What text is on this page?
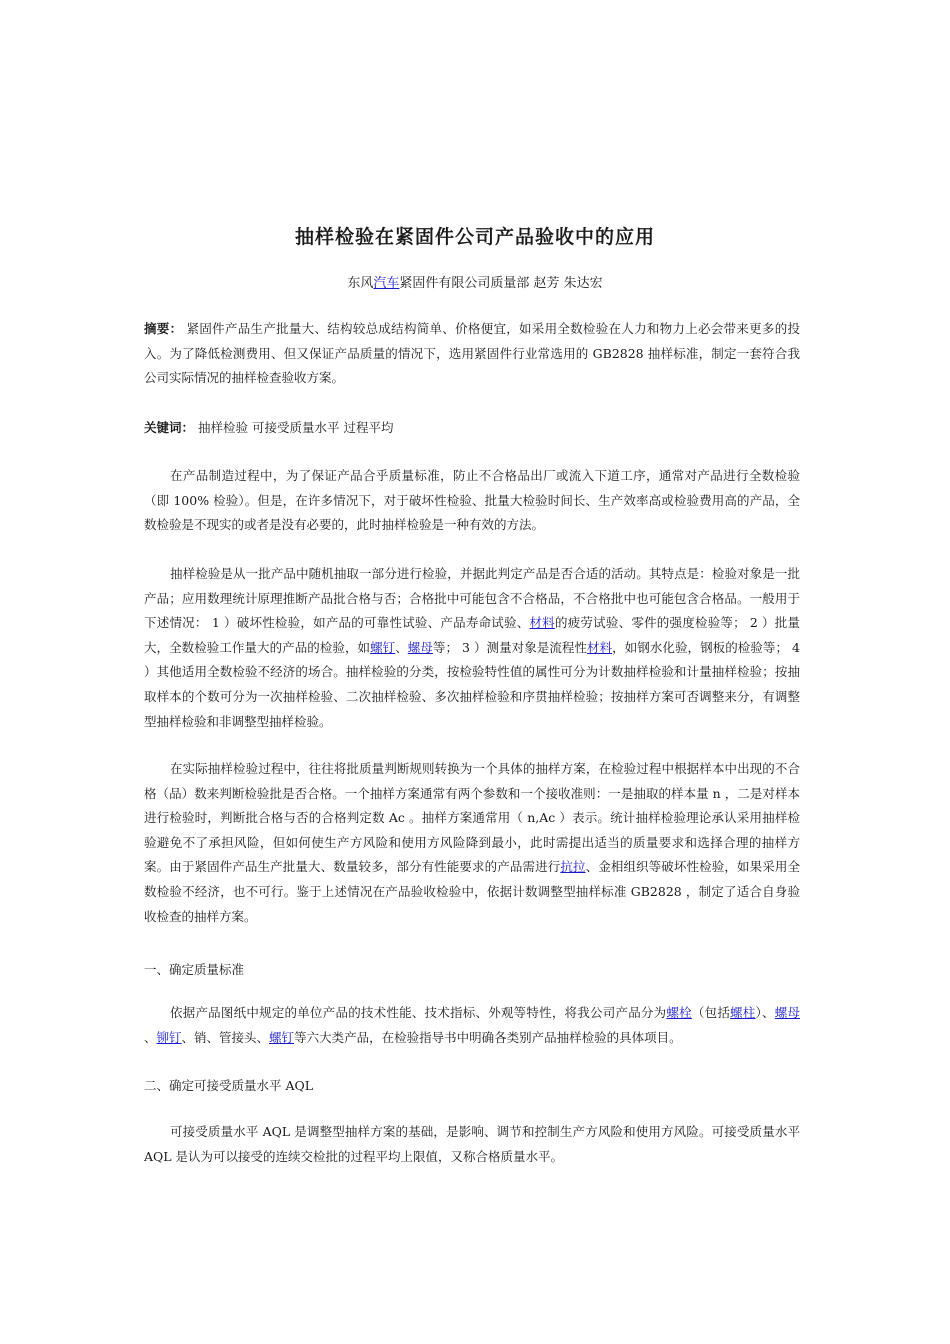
抽样检验在紧固件公司产品验收中的应用
东风汽车紧固件有限公司质量部 赵芳 朱达宏
摘要： 紧固件产品生产批量大、结构较总成结构简单、价格便宜，如采用全数检验在人力和物力上必会带来更多的投入。为了降低检测费用、但又保证产品质量的情况下，选用紧固件行业常选用的 GB2828 抽样标准，制定一套符合我公司实际情况的抽样检查验收方案。
关键词： 抽样检验 可接受质量水平 过程平均
在产品制造过程中，为了保证产品合乎质量标准，防止不合格品出厂或流入下道工序，通常对产品进行全数检验（即 100% 检验）。但是，在许多情况下，对于破坏性检验、批量大检验时间长、生产效率高或检验费用高的产品，全数检验是不现实的或者是没有必要的，此时抽样检验是一种有效的方法。
抽样检验是从一批产品中随机抽取一部分进行检验，并据此判定产品是否合适的活动。其特点是：检验对象是一批产品；应用数理统计原理推断产品批合格与否；合格批中可能包含不合格品，不合格批中也可能包含合格品。一般用于下述情况： 1 ）破坏性检验，如产品的可靠性试验、产品寿命试验、材料的疲劳试验、零件的强度检验等； 2 ）批量大，全数检验工作量大的产品的检验，如螺钉、螺母等； 3 ）测量对象是流程性材料，如钢水化验，钢板的检验等； 4 ）其他适用全数检验不经济的场合。抽样检验的分类，按检验特性值的属性可分为计数抽样检验和计量抽样检验；按抽取样本的个数可分为一次抽样检验、二次抽样检验、多次抽样检验和序贯抽样检验；按抽样方案可否调整来分，有调整型抽样检验和非调整型抽样检验。
在实际抽样检验过程中，往往将批质量判断规则转换为一个具体的抽样方案，在检验过程中根据样本中出现的不合格（品）数来判断检验批是否合格。一个抽样方案通常有两个参数和一个接收准则：一是抽取的样本量 n ，二是对样本进行检验时，判断批合格与否的合格判定数 Ac 。抽样方案通常用（ n,Ac ）表示。统计抽样检验理论承认采用抽样检验避免不了承担风险，但如何使生产方风险和使用方风险降到最小，此时需提出适当的质量要求和选择合理的抽样方案。由于紧固件产品生产批量大、数量较多，部分有性能要求的产品需进行抗拉、金相组织等破坏性检验，如果采用全数检验不经济，也不可行。鉴于上述情况在产品验收检验中，依据计数调整型抽样标准 GB2828 ，制定了适合自身验收检查的抽样方案。
一、确定质量标准
依据产品图纸中规定的单位产品的技术性能、技术指标、外观等特性，将我公司产品分为螺栓（包括螺柱）、螺母 、铆钉、销、管接头、螺钉等六大类产品，在检验指导书中明确各类别产品抽样检验的具体项目。
二、确定可接受质量水平 AQL
可接受质量水平 AQL 是调整型抽样方案的基础，是影响、调节和控制生产方风险和使用方风险。可接受质量水平 AQL 是认为可以接受的连续交检批的过程平均上限值，又称合格质量水平。
